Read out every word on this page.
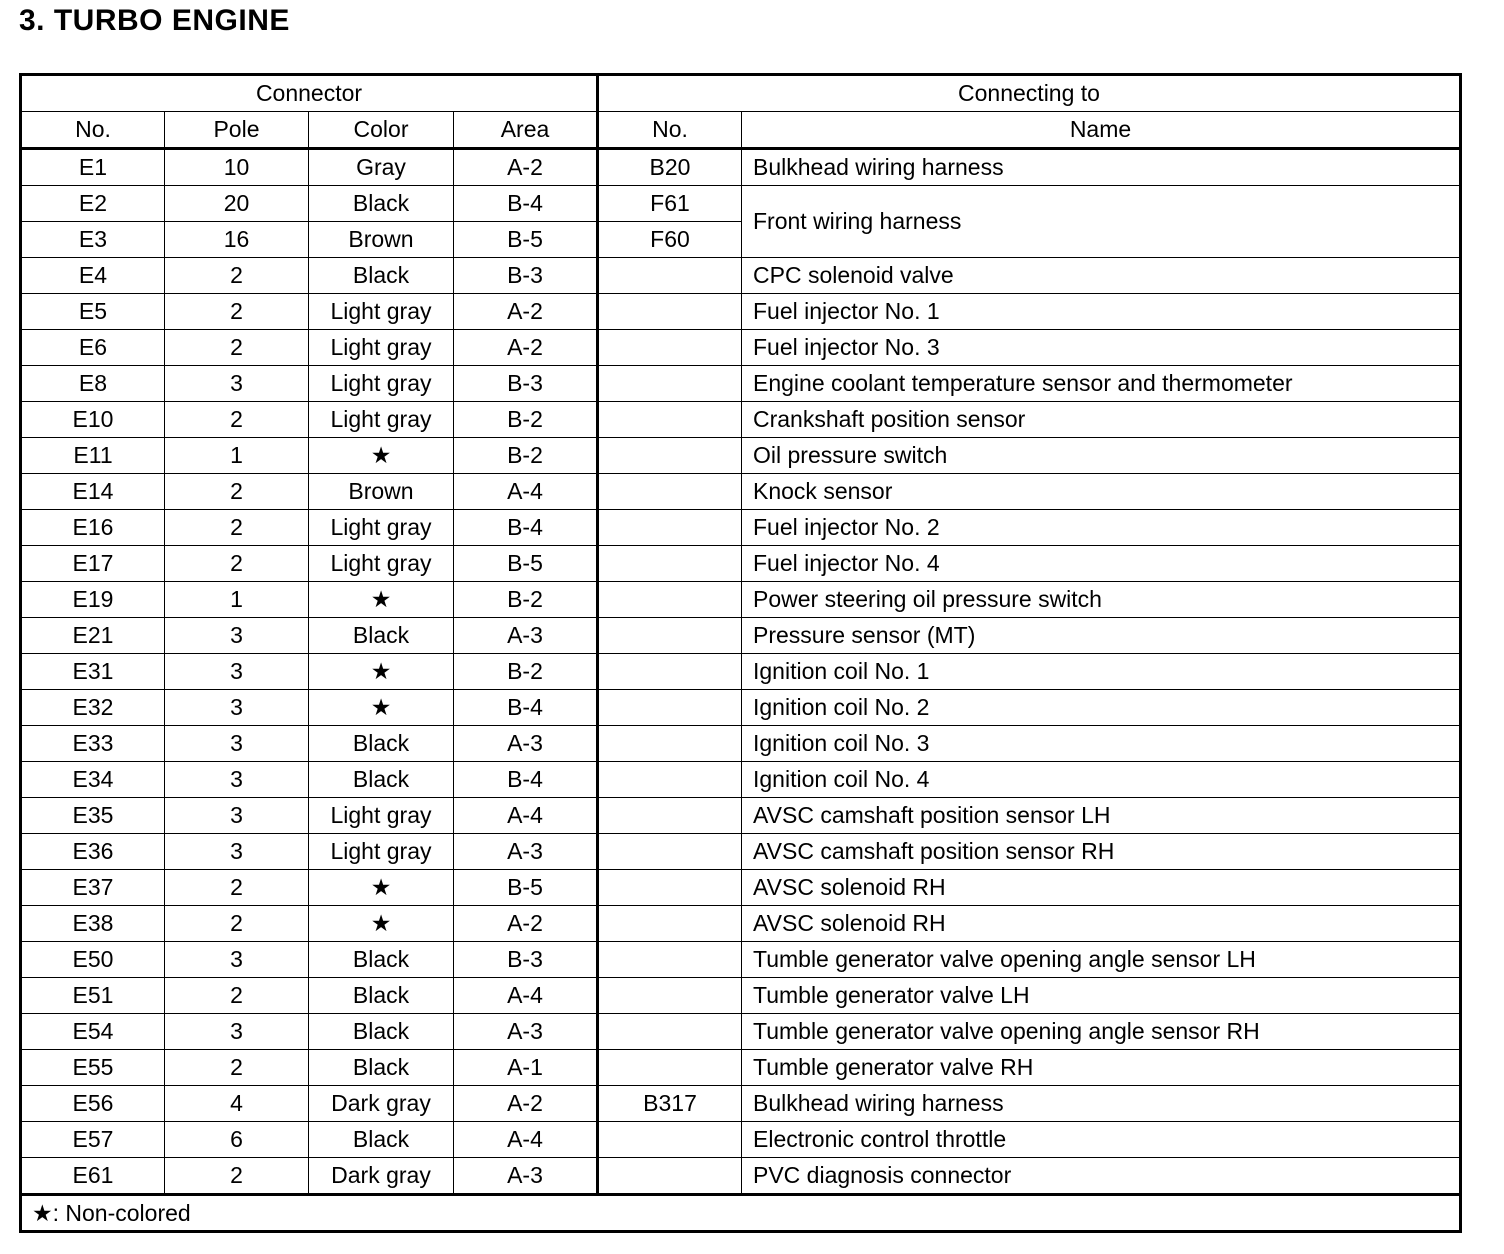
3. TURBO ENGINE
Connector				Connecting to	
No.	Pole	Color	Area	No.	Name
E1	10	Gray	A-2	B20	Bulkhead wiring harness
E2	20	Black	B-4	F61	Front wiring harness
E3	16	Brown	B-5	F60	
E4	2	Black	B-3		CPC solenoid valve
E5	2	Light gray	A-2		Fuel injector No. 1
E6	2	Light gray	A-2		Fuel injector No. 3
E8	3	Light gray	B-3		Engine coolant temperature sensor and thermometer
E10	2	Light gray	B-2		Crankshaft position sensor
E11	1	★	B-2		Oil pressure switch
E14	2	Brown	A-4		Knock sensor
E16	2	Light gray	B-4		Fuel injector No. 2
E17	2	Light gray	B-5		Fuel injector No. 4
E19	1	★	B-2		Power steering oil pressure switch
E21	3	Black	A-3		Pressure sensor (MT)
E31	3	★	B-2		Ignition coil No. 1
E32	3	★	B-4		Ignition coil No. 2
E33	3	Black	A-3		Ignition coil No. 3
E34	3	Black	B-4		Ignition coil No. 4
E35	3	Light gray	A-4		AVSC camshaft position sensor LH
E36	3	Light gray	A-3		AVSC camshaft position sensor RH
E37	2	★	B-5		AVSC solenoid RH
E38	2	★	A-2		AVSC solenoid RH
E50	3	Black	B-3		Tumble generator valve opening angle sensor LH
E51	2	Black	A-4		Tumble generator valve LH
E54	3	Black	A-3		Tumble generator valve opening angle sensor RH
E55	2	Black	A-1		Tumble generator valve RH
E56	4	Dark gray	A-2	B317	Bulkhead wiring harness
E57	6	Black	A-4		Electronic control throttle
E61	2	Dark gray	A-3		PVC diagnosis connector
★: Non-colored					
